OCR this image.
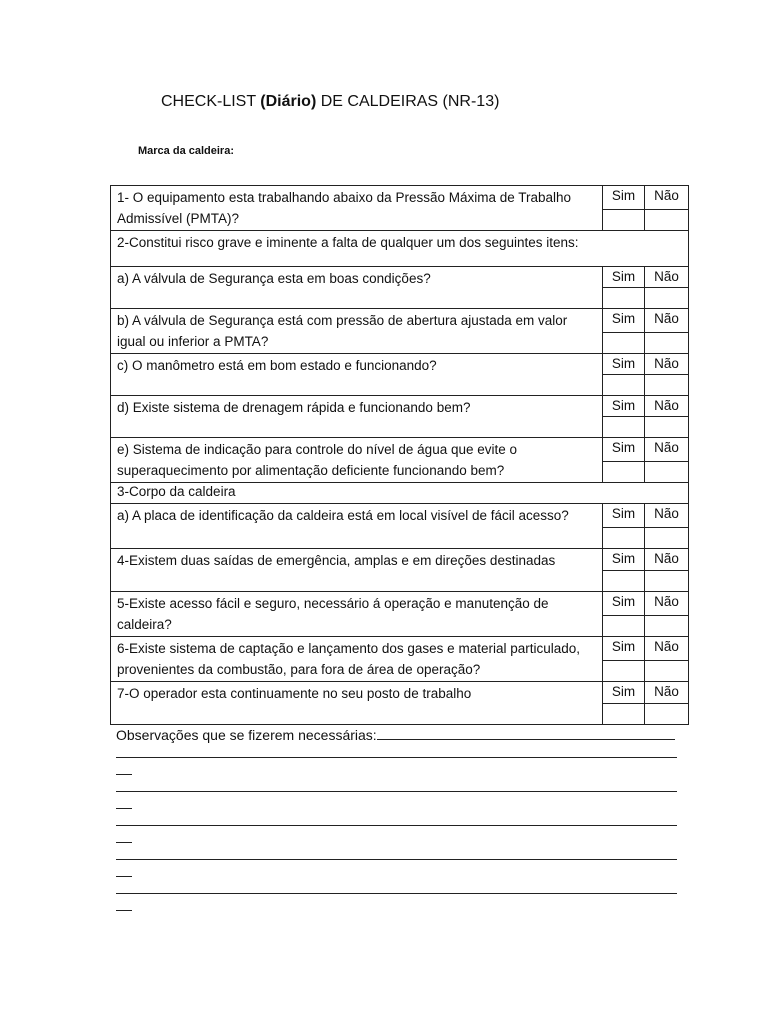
CHECK-LIST (Diário) DE CALDEIRAS (NR-13)
Marca da caldeira:
1- O equipamento esta trabalhando abaixo da Pressão Máxima de Trabalho Admissível (PMTA)?	Sim	Não

2-Constitui risco grave e iminente a falta de qualquer um dos seguintes itens:		
a) A válvula de Segurança esta em boas condições?	Sim	Não

b) A válvula de Segurança está com pressão de abertura ajustada em valor igual ou inferior a PMTA?	Sim	Não

c) O manômetro está em bom estado e funcionando?	Sim	Não

d) Existe sistema de drenagem rápida e funcionando bem?	Sim	Não

e) Sistema de indicação para controle do nível de água que evite o superaquecimento por alimentação deficiente funcionando bem?	Sim	Não

3-Corpo da caldeira		
a) A placa de identificação da caldeira está em local visível de fácil acesso?	Sim	Não

4-Existem duas saídas de emergência, amplas e em direções destinadas	Sim	Não

5-Existe acesso fácil e seguro, necessário á operação e manutenção de caldeira?	Sim	Não

6-Existe sistema de captação e lançamento dos gases e material particulado, provenientes da combustão, para fora de área de operação?	Sim	Não

7-O operador esta continuamente no seu posto de trabalho	Sim	Não

Observações que se fizerem necessárias:
